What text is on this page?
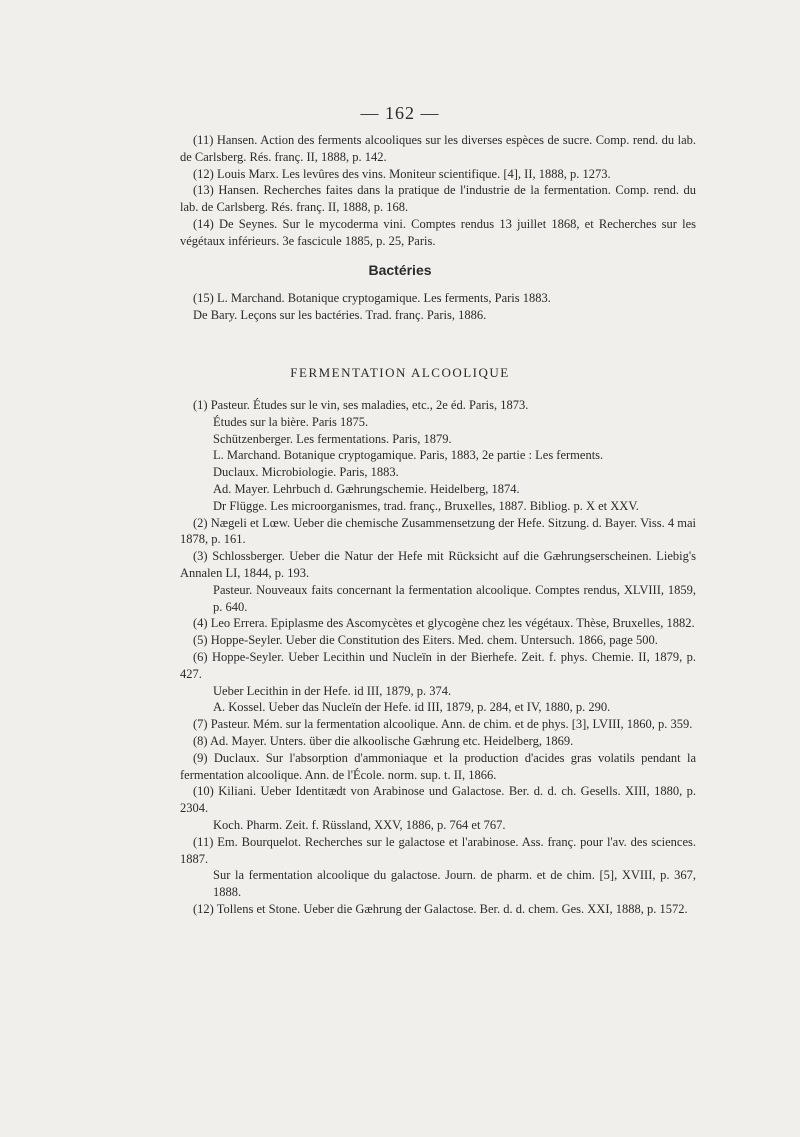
— 162 —

(11) Hansen. Action des ferments alcooliques sur les diverses espèces de sucre. Comp. rend. du lab. de Carlsberg. Rés. franç. II, 1888, p. 142.

(12) Louis Marx. Les levûres des vins. Moniteur scientifique. [4], II, 1888, p. 1273.

(13) Hansen. Recherches faites dans la pratique de l'industrie de la fermentation. Comp. rend. du lab. de Carlsberg. Rés. franç. II, 1888, p. 168.

(14) De Seynes. Sur le mycoderma vini. Comptes rendus 13 juillet 1868, et Recherches sur les végétaux inférieurs. 3e fascicule 1885, p. 25, Paris.

Bactéries

(15) L. Marchand. Botanique cryptogamique. Les ferments, Paris 1883.

De Bary. Leçons sur les bactéries. Trad. franç. Paris, 1886.

FERMENTATION ALCOOLIQUE

(1) Pasteur. Études sur le vin, ses maladies, etc., 2e éd. Paris, 1873.

Études sur la bière. Paris 1875.

Schützenberger. Les fermentations. Paris, 1879.

L. Marchand. Botanique cryptogamique. Paris, 1883, 2e partie : Les ferments.

Duclaux. Microbiologie. Paris, 1883.

Ad. Mayer. Lehrbuch d. Gæhrungschemie. Heidelberg, 1874.

Dr Flügge. Les microorganismes, trad. franç., Bruxelles, 1887. Bibliog. p. X et XXV.

(2) Nægeli et Lœw. Ueber die chemische Zusammensetzung der Hefe. Sitzung. d. Bayer. Viss. 4 mai 1878, p. 161.

(3) Schlossberger. Ueber die Natur der Hefe mit Rücksicht auf die Gæhrungserscheinen. Liebig's Annalen LI, 1844, p. 193.

Pasteur. Nouveaux faits concernant la fermentation alcoolique. Comptes rendus, XLVIII, 1859, p. 640.

(4) Leo Errera. Epiplasme des Ascomycètes et glycogène chez les végétaux. Thèse, Bruxelles, 1882.

(5) Hoppe-Seyler. Ueber die Constitution des Eiters. Med. chem. Untersuch. 1866, page 500.

(6) Hoppe-Seyler. Ueber Lecithin und Nucleïn in der Bierhefe. Zeit. f. phys. Chemie. II, 1879, p. 427.

Ueber Lecithin in der Hefe. id III, 1879, p. 374.

A. Kossel. Ueber das Nucleïn der Hefe. id III, 1879, p. 284, et IV, 1880, p. 290.

(7) Pasteur. Mém. sur la fermentation alcoolique. Ann. de chim. et de phys. [3], LVIII, 1860, p. 359.

(8) Ad. Mayer. Unters. über die alkoolische Gæhrung etc. Heidelberg, 1869.

(9) Duclaux. Sur l'absorption d'ammoniaque et la production d'acides gras volatils pendant la fermentation alcoolique. Ann. de l'École. norm. sup. t. II, 1866.

(10) Kiliani. Ueber Identitædt von Arabinose und Galactose. Ber. d. d. ch. Gesells. XIII, 1880, p. 2304.

Koch. Pharm. Zeit. f. Rüssland, XXV, 1886, p. 764 et 767.

(11) Em. Bourquelot. Recherches sur le galactose et l'arabinose. Ass. franç. pour l'av. des sciences. 1887.

Sur la fermentation alcoolique du galactose. Journ. de pharm. et de chim. [5], XVIII, p. 367, 1888.

(12) Tollens et Stone. Ueber die Gæhrung der Galactose. Ber. d. d. chem. Ges. XXI, 1888, p. 1572.
